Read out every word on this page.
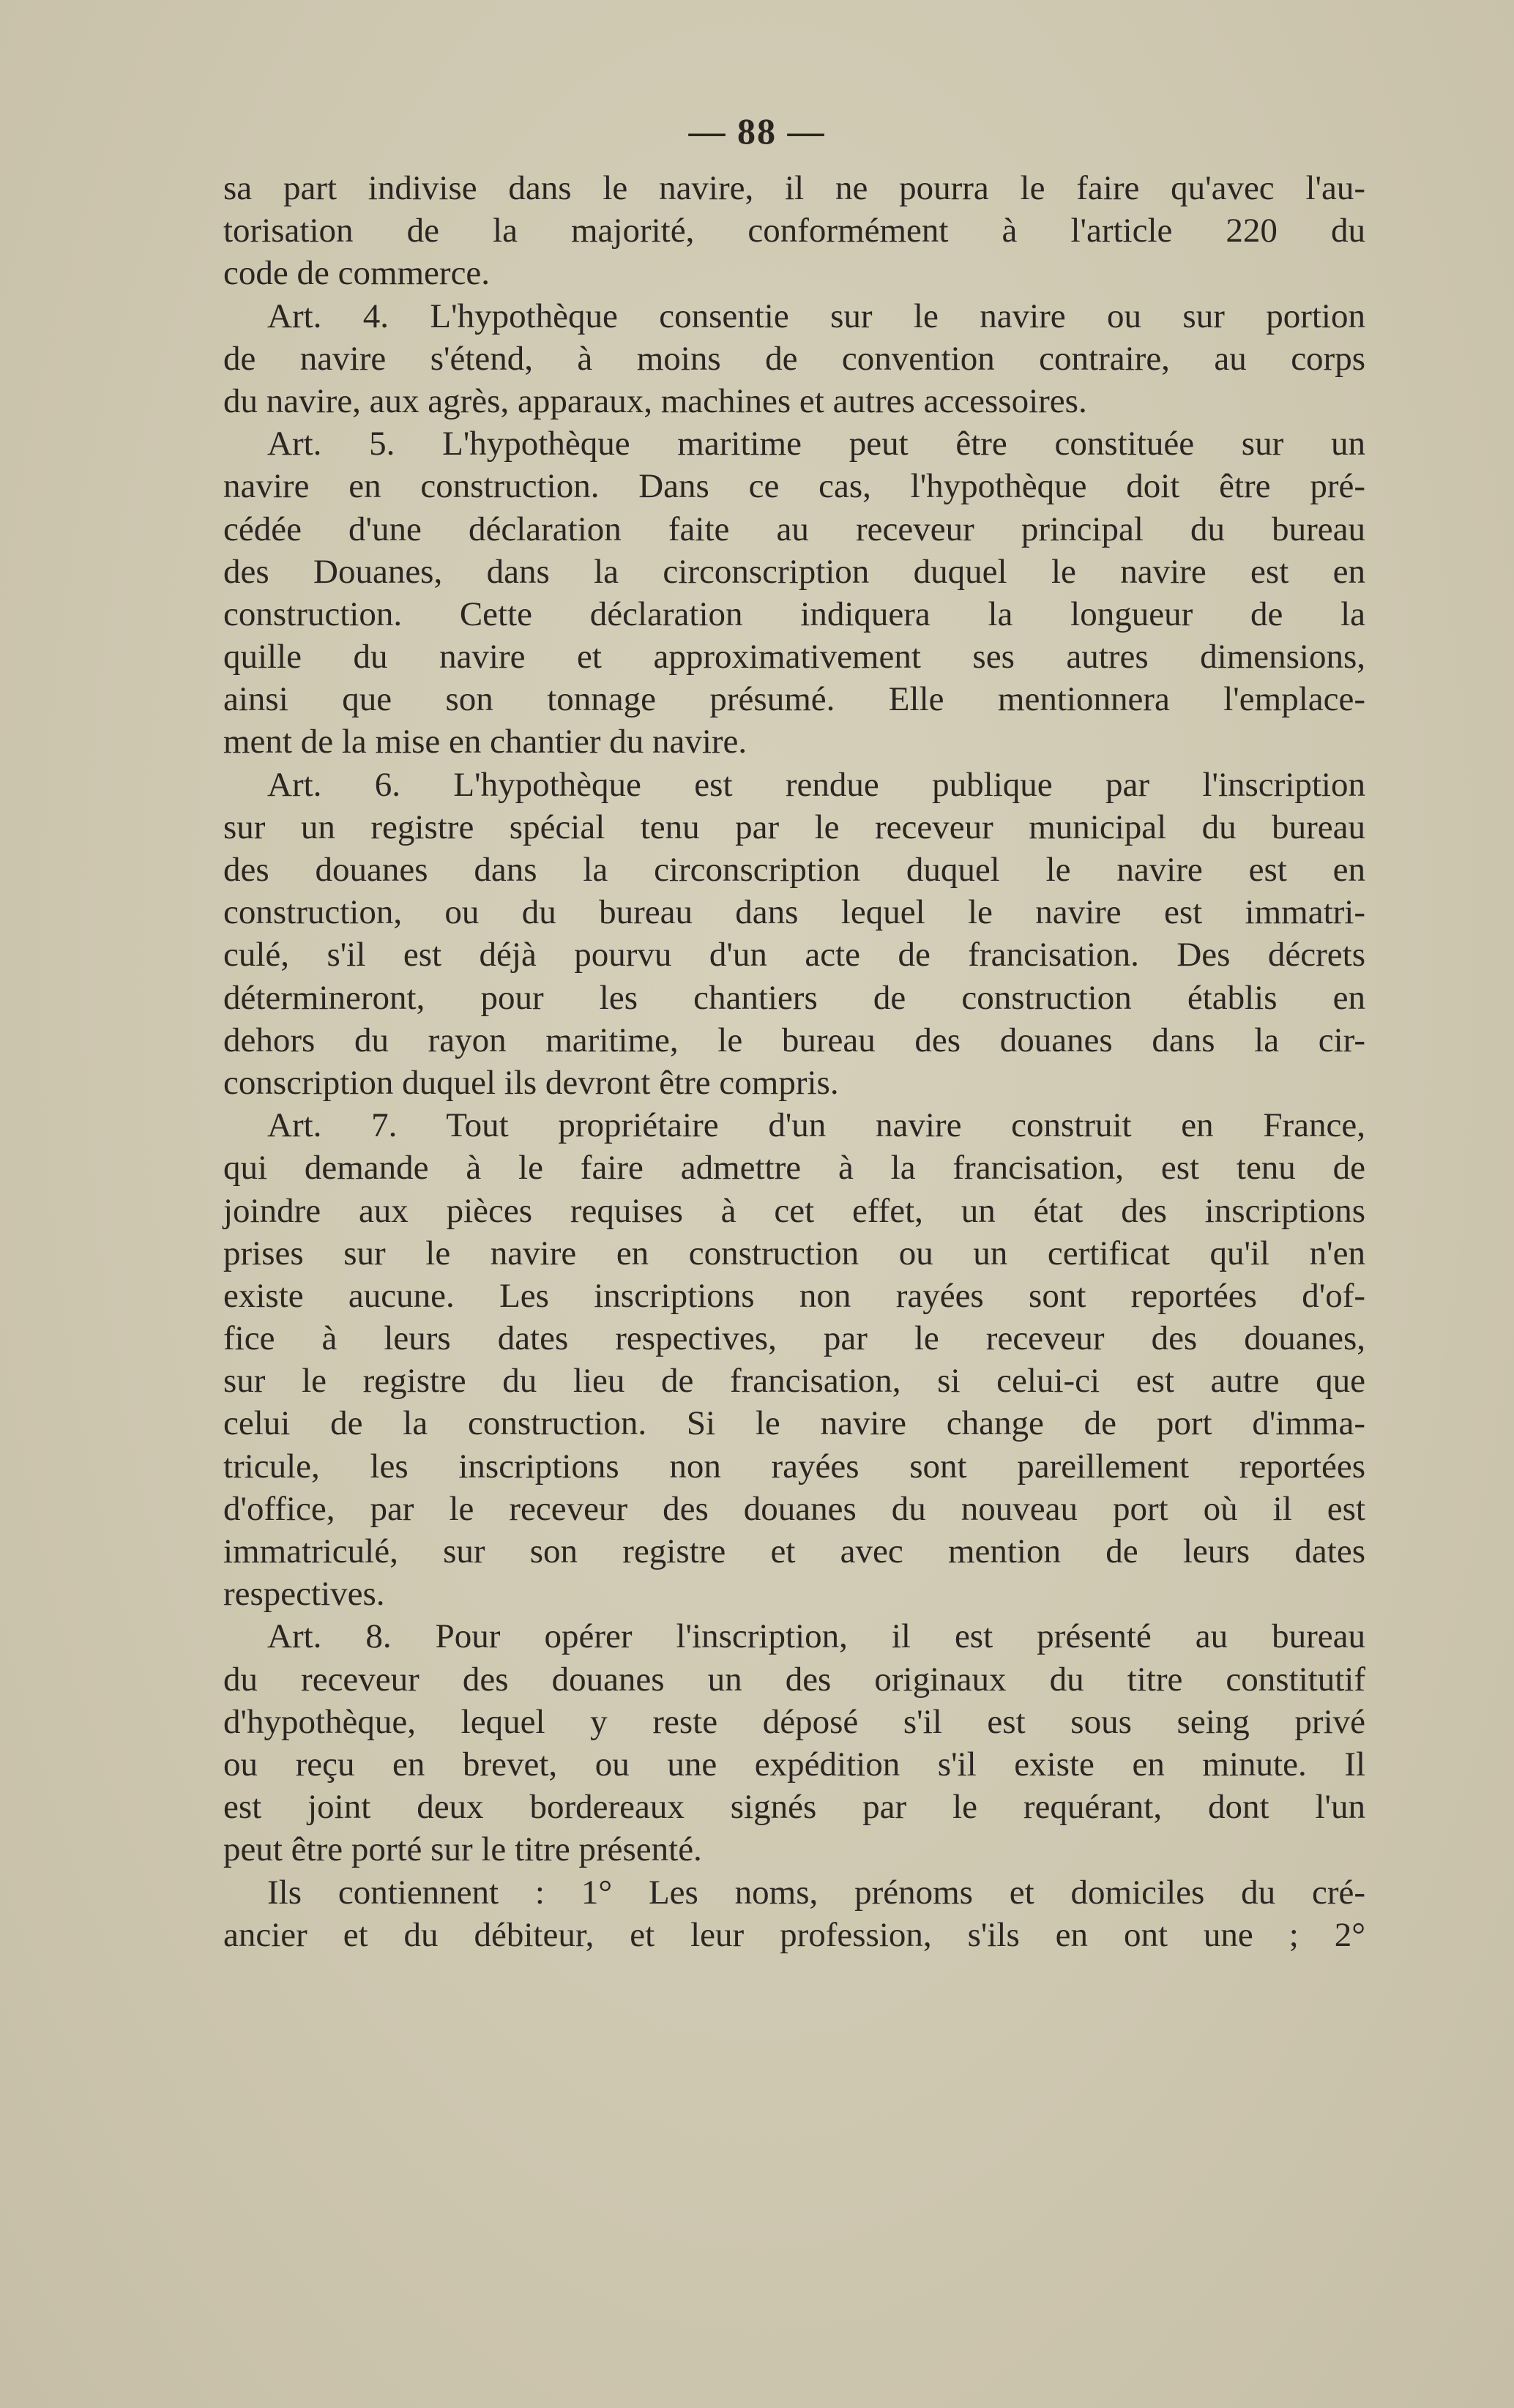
— 88 —
sa part indivise dans le navire, il ne pourra le faire qu'avec l'au-
torisation de la majorité, conformément à l'article 220 du
code de commerce.
Art. 4. L'hypothèque consentie sur le navire ou sur portion
de navire s'étend, à moins de convention contraire, au corps
du navire, aux agrès, apparaux, machines et autres accessoires.
Art. 5. L'hypothèque maritime peut être constituée sur un
navire en construction. Dans ce cas, l'hypothèque doit être pré-
cédée d'une déclaration faite au receveur principal du bureau
des Douanes, dans la circonscription duquel le navire est en
construction. Cette déclaration indiquera la longueur de la
quille du navire et approximativement ses autres dimensions,
ainsi que son tonnage présumé. Elle mentionnera l'emplace-
ment de la mise en chantier du navire.
Art. 6. L'hypothèque est rendue publique par l'inscription
sur un registre spécial tenu par le receveur municipal du bureau
des douanes dans la circonscription duquel le navire est en
construction, ou du bureau dans lequel le navire est immatri-
culé, s'il est déjà pourvu d'un acte de francisation. Des décrets
détermineront, pour les chantiers de construction établis en
dehors du rayon maritime, le bureau des douanes dans la cir-
conscription duquel ils devront être compris.
Art. 7. Tout propriétaire d'un navire construit en France,
qui demande à le faire admettre à la francisation, est tenu de
joindre aux pièces requises à cet effet, un état des inscriptions
prises sur le navire en construction ou un certificat qu'il n'en
existe aucune. Les inscriptions non rayées sont reportées d'of-
fice à leurs dates respectives, par le receveur des douanes,
sur le registre du lieu de francisation, si celui-ci est autre que
celui de la construction. Si le navire change de port d'imma-
tricule, les inscriptions non rayées sont pareillement reportées
d'office, par le receveur des douanes du nouveau port où il est
immatriculé, sur son registre et avec mention de leurs dates
respectives.
Art. 8. Pour opérer l'inscription, il est présenté au bureau
du receveur des douanes un des originaux du titre constitutif
d'hypothèque, lequel y reste déposé s'il est sous seing privé
ou reçu en brevet, ou une expédition s'il existe en minute. Il
est joint deux bordereaux signés par le requérant, dont l'un
peut être porté sur le titre présenté.
Ils contiennent : 1° Les noms, prénoms et domiciles du cré-
ancier et du débiteur, et leur profession, s'ils en ont une ; 2°
